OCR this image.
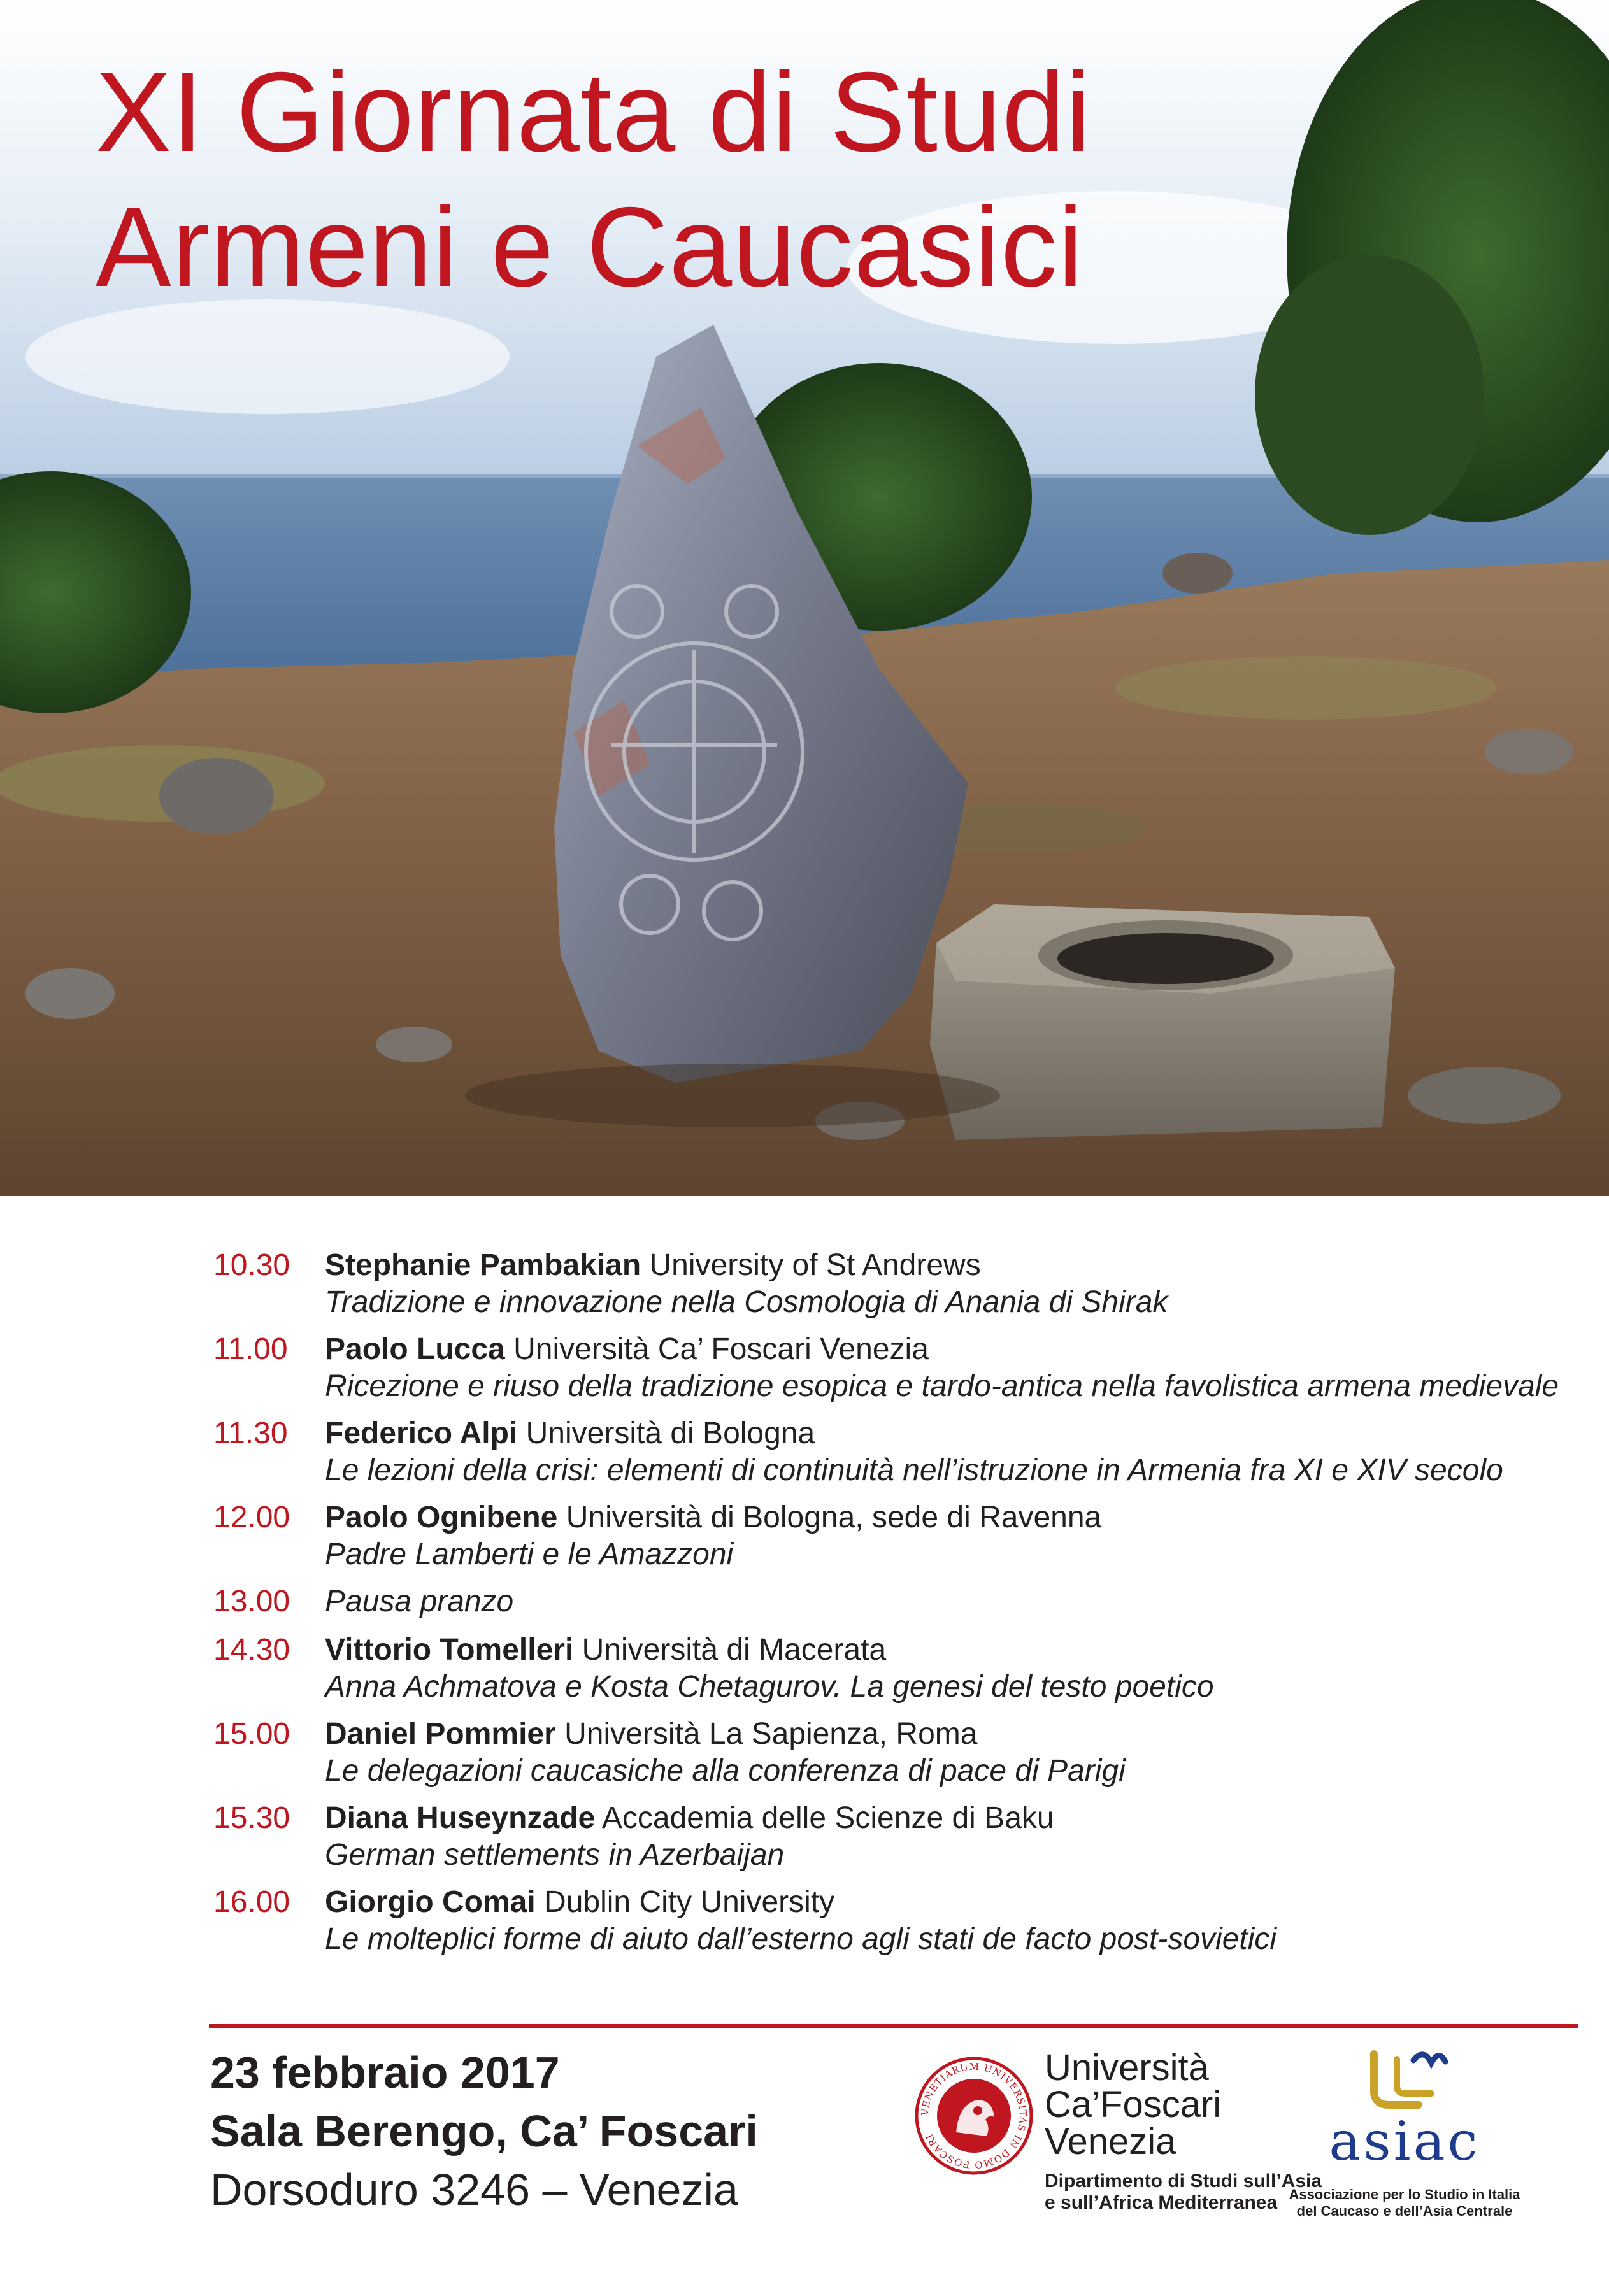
XI Giornata di Studi
Armeni e Caucasici
10.30 Stephanie Pambakian University of St Andrews
Tradizione e innovazione nella Cosmologia di Anania di Shirak
11.00 Paolo Lucca Università Ca’ Foscari Venezia
Ricezione e riuso della tradizione esopica e tardo-antica nella favolistica armena medievale
11.30 Federico Alpi Università di Bologna
Le lezioni della crisi: elementi di continuità nell’istruzione in Armenia fra XI e XIV secolo
12.00 Paolo Ognibene Università di Bologna, sede di Ravenna
Padre Lamberti e le Amazzoni
13.00 Pausa pranzo
14.30 Vittorio Tomelleri Università di Macerata
Anna Achmatova e Kosta Chetagurov. La genesi del testo poetico
15.00 Daniel Pommier Università La Sapienza, Roma
Le delegazioni caucasiche alla conferenza di pace di Parigi
15.30 Diana Huseynzade Accademia delle Scienze di Baku
German settlements in Azerbaijan
16.00 Giorgio Comai Dublin City University
Le molteplici forme di aiuto dall’esterno agli stati de facto post-sovietici
23 febbraio 2017
Sala Berengo, Ca’ Foscari
Dorsoduro 3246 – Venezia
VENETIARUM UNIVERSITAS IN DOMO FOSCARI
Università
Ca’Foscari
Venezia
Dipartimento di Studi sull’Asia
e sull’Africa Mediterranea
asiac
Associazione per lo Studio in Italia
del Caucaso e dell’Asia Centrale
